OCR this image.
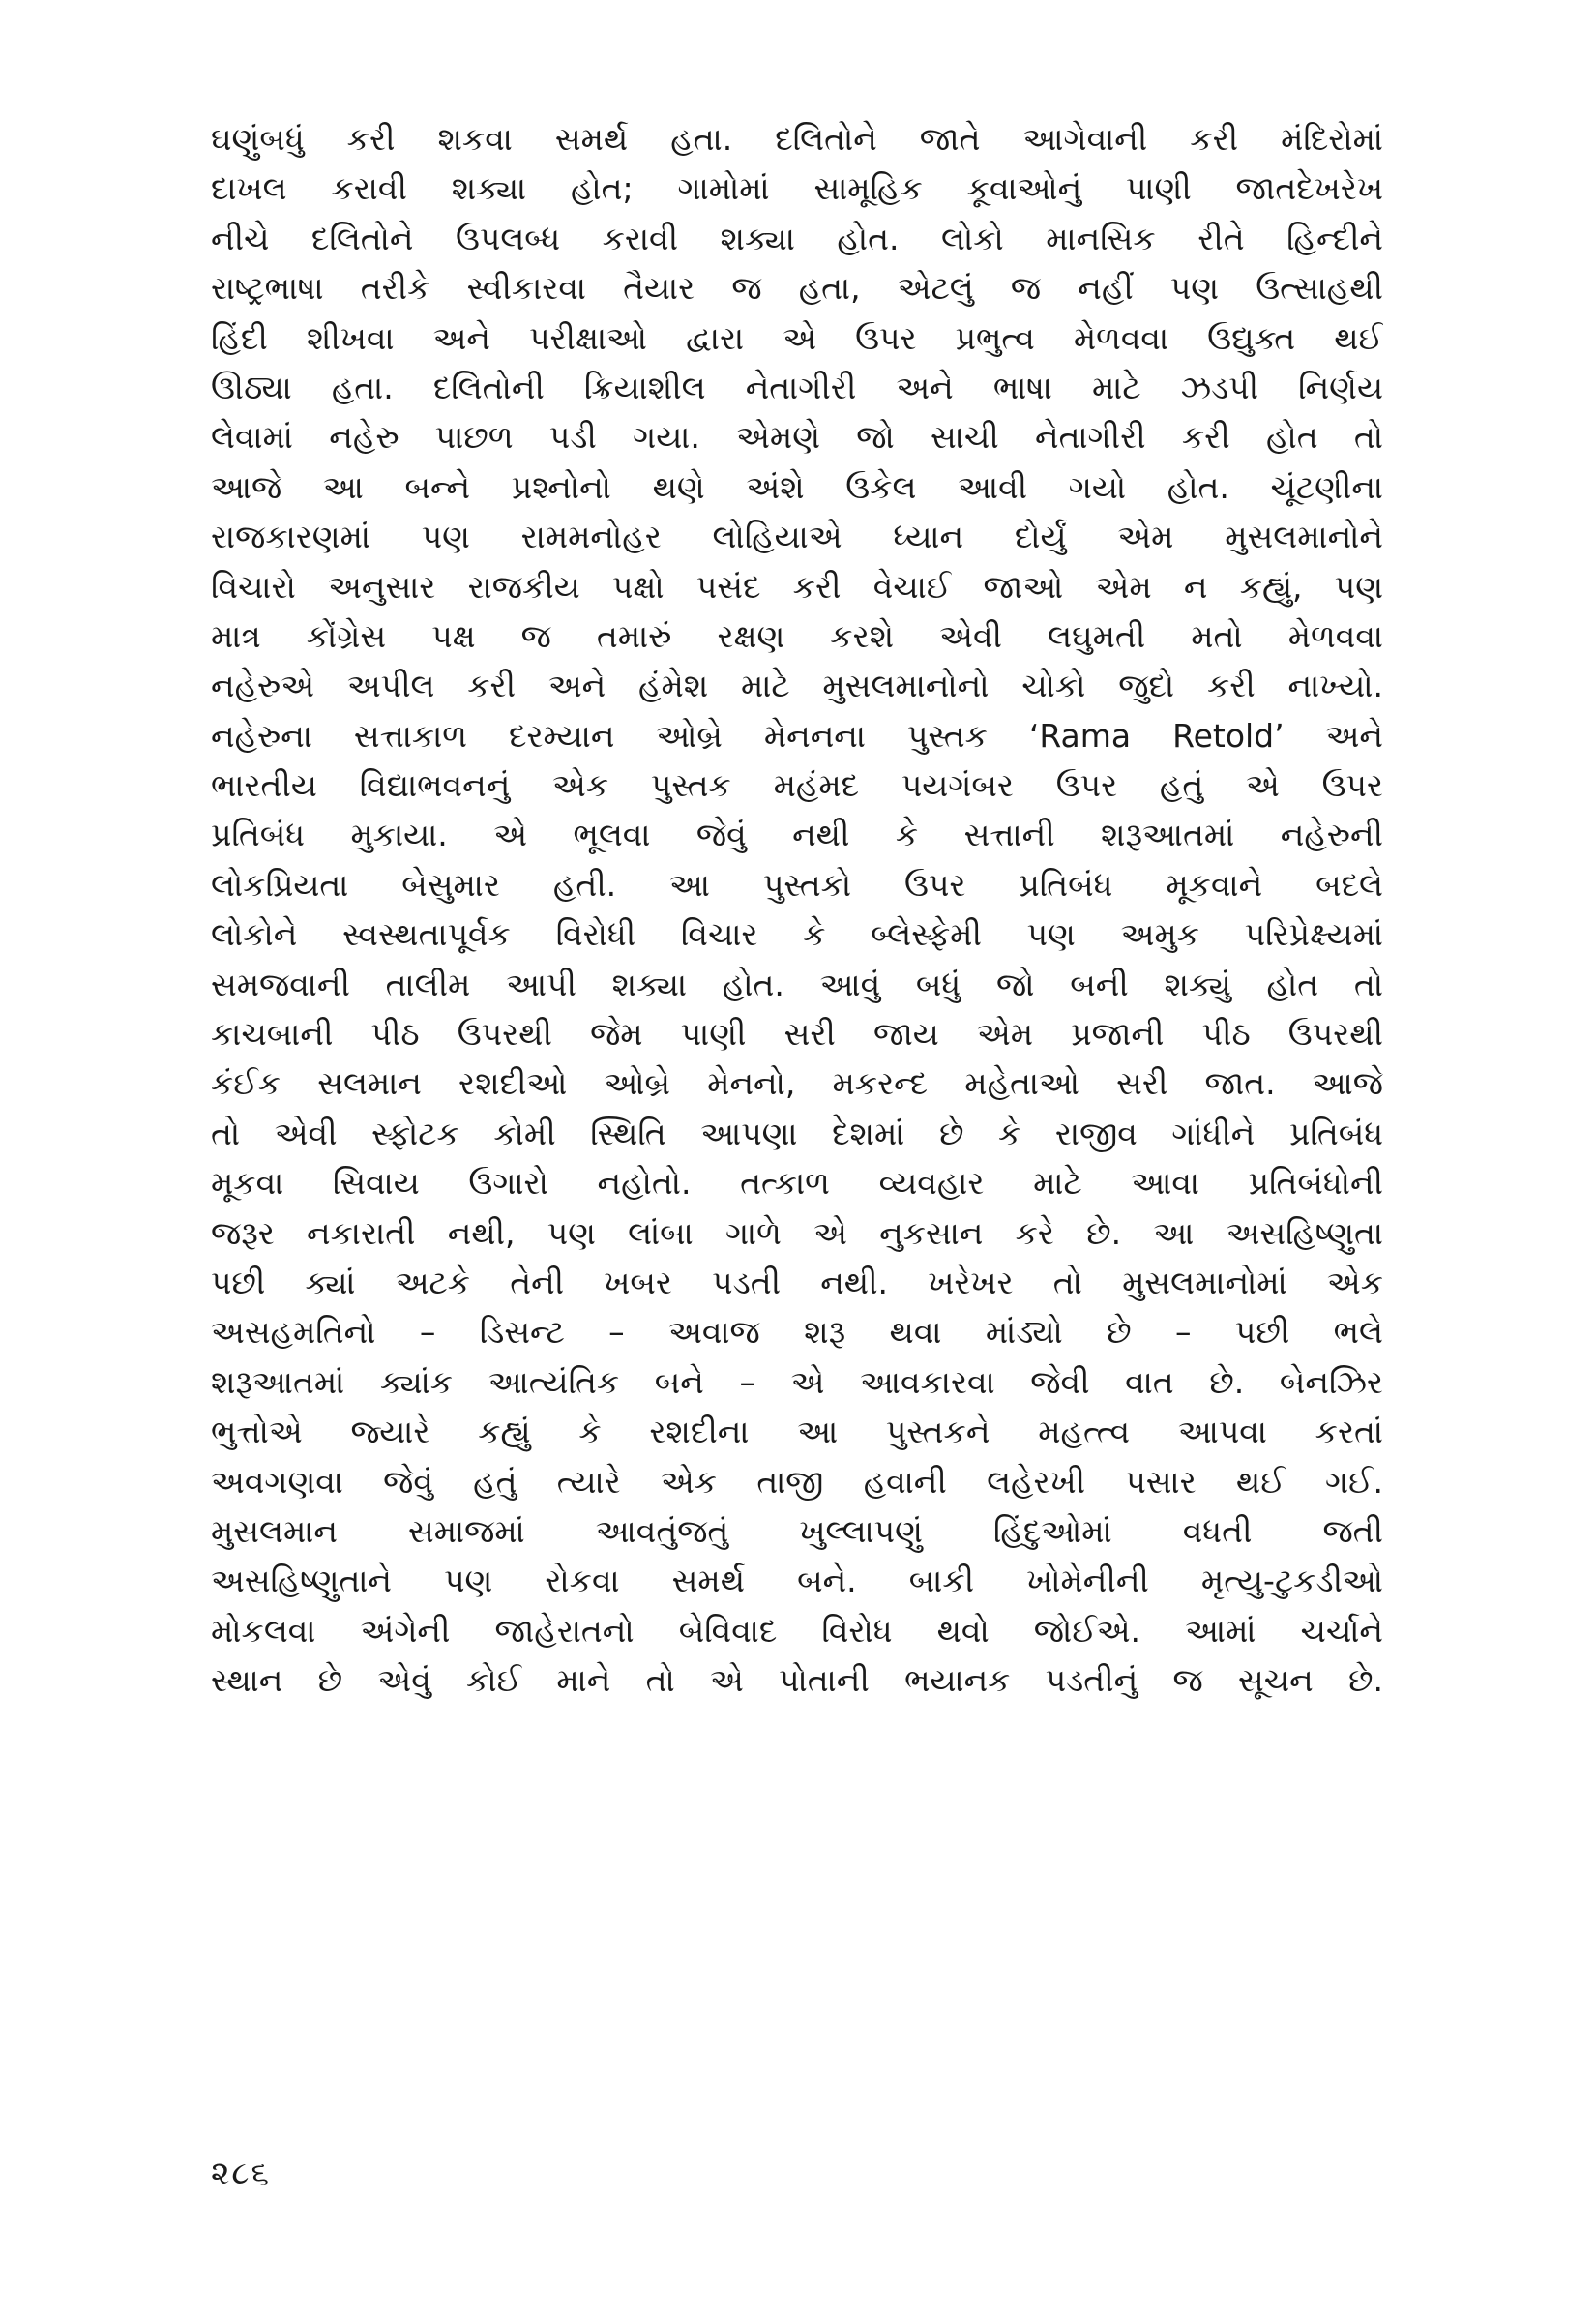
ઘણુંબધું કરી શકવા સમર્થ હતા. દલિતોને જાતે આગેવાની કરી મંદિરોમાં
દાખલ કરાવી શક્યા હોત; ગામોમાં સામૂહિક કૂવાઓનું પાણી જાતદેખરેખ
નીચે દલિતોને ઉપલબ્ધ કરાવી શક્યા હોત. લોકો માનસિક રીતે હિન્દીને
રાષ્ટ્રભાષા તરીકે સ્વીકારવા તૈયાર જ હતા, એટલું જ નહીં પણ ઉત્સાહથી
હિંદી શીખવા અને પરીક્ષાઓ દ્વારા એ ઉપર પ્રભુત્વ મેળવવા ઉદ્યુક્ત થઈ
ઊઠ્યા હતા. દલિતોની ક્રિયાશીલ નેતાગીરી અને ભાષા માટે ઝડપી નિર્ણય
લેવામાં નહેરુ પાછળ પડી ગયા. એમણે જો સાચી નેતાગીરી કરી હોત તો
આજે આ બન્ને પ્રશ્નોનો થણે અંશે ઉકેલ આવી ગયો હોત. ચૂંટણીના
રાજકારણમાં પણ રામમનોહર લોહિયાએ ધ્યાન દોર્યું એમ મુસલમાનોને
વિચારો અનુસાર રાજકીય પક્ષો પસંદ કરી વેચાઈ જાઓ એમ ન કહ્યું, પણ
માત્ર કોંગ્રેસ પક્ષ જ તમારું રક્ષણ કરશે એવી લઘુમતી મતો મેળવવા
નહેરુએ અપીલ કરી અને હંમેશ માટે મુસલમાનોનો ચોકો જુદો કરી નાખ્યો.
નહેરુના સત્તાકાળ દરમ્યાન ઓબ્રે મેનનના પુસ્તક ‘Rama Retold’ અને
ભારતીય વિદ્યાભવનનું એક પુસ્તક મહંમદ પયગંબર ઉપર હતું એ ઉપર
પ્રતિબંધ મુકાયા. એ ભૂલવા જેવું નથી કે સત્તાની શરૂઆતમાં નહેરુની
લોકપ્રિયતા બેસુમાર હતી. આ પુસ્તકો ઉપર પ્રતિબંધ મૂકવાને બદલે
લોકોને સ્વસ્થતાપૂર્વક વિરોધી વિચાર કે બ્લેસ્ફેમી પણ અમુક પરિપ્રેક્ષ્યમાં
સમજવાની તાલીમ આપી શક્યા હોત. આવું બધું જો બની શક્યું હોત તો
કાચબાની પીઠ ઉપરથી જેમ પાણી સરી જાય એમ પ્રજાની પીઠ ઉપરથી
કંઈક સલમાન રશદીઓ ઓબ્રે મેનનો, મકરન્દ મહેતાઓ સરી જાત. આજે
તો એવી સ્ફોટક કોમી સ્થિતિ આપણા દેશમાં છે કે રાજીવ ગાંધીને પ્રતિબંધ
મૂકવા સિવાય ઉગારો નહોતો. તત્કાળ વ્યવહાર માટે આવા પ્રતિબંધોની
જરૂર નકારાતી નથી, પણ લાંબા ગાળે એ નુકસાન કરે છે. આ અસહિષ્ણુતા
પછી ક્યાં અટકે તેની ખબર પડતી નથી. ખરેખર તો મુસલમાનોમાં એક
અસહમતિનો – ડિસન્ટ – અવાજ શરૂ થવા માંડ્યો છે – પછી ભલે
શરૂઆતમાં ક્યાંક આત્યંતિક બને – એ આવકારવા જેવી વાત છે. બેનઝિર
ભુત્તોએ જ્યારે કહ્યું કે રશદીના આ પુસ્તકને મહત્ત્વ આપવા કરતાં
અવગણવા જેવું હતું ત્યારે એક તાજી હવાની લહેરખી પસાર થઈ ગઈ.
મુસલમાન સમાજમાં આવતુંજતું ખુલ્લાપણું હિંદુઓમાં વધતી જતી
અસહિષ્ણુતાને પણ રોકવા સમર્થ બને. બાકી ખોમેનીની મૃત્યુ-ટુકડીઓ
મોકલવા અંગેની જાહેરાતનો બેવિવાદ વિરોધ થવો જોઈએ. આમાં ચર્ચાને
સ્થાન છે એવું કોઈ માને તો એ પોતાની ભયાનક પડતીનું જ સૂચન છે.
૨૮૬
